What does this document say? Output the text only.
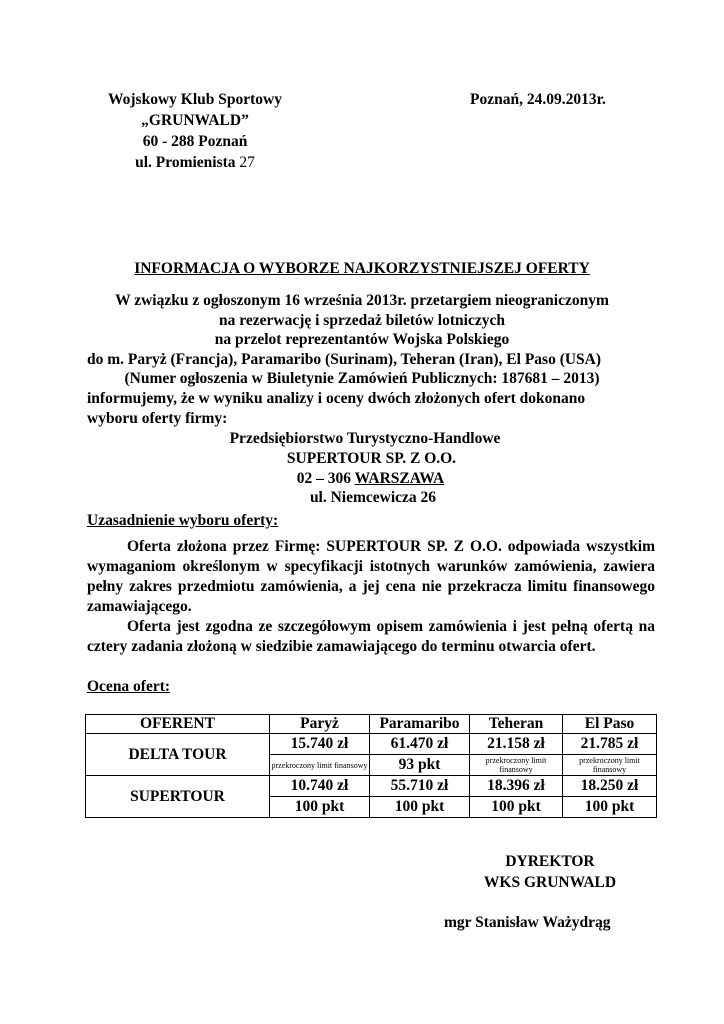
Wojskowy Klub Sportowy
„GRUNWALD”
60 - 288 Poznań
ul. Promienista 27
Poznań, 24.09.2013r.
INFORMACJA O WYBORZE NAJKORZYSTNIEJSZEJ OFERTY
W związku z ogłoszonym 16 września 2013r. przetargiem nieograniczonym
na rezerwację i sprzedaż biletów lotniczych
na przelot reprezentantów Wojska Polskiego
do m. Paryż (Francja), Paramaribo (Surinam), Teheran (Iran), El Paso (USA)
(Numer ogłoszenia w Biuletynie Zamówień Publicznych: 187681 – 2013)
informujemy, że w wyniku analizy i oceny dwóch złożonych ofert dokonano
wyboru oferty firmy:
Przedsiębiorstwo Turystyczno-Handlowe
SUPERTOUR SP. Z O.O.
02 – 306 WARSZAWA
ul. Niemcewicza 26
Uzasadnienie wyboru oferty:
Oferta złożona przez Firmę: SUPERTOUR SP. Z O.O. odpowiada wszystkim wymaganiom określonym w specyfikacji istotnych warunków zamówienia, zawiera pełny zakres przedmiotu zamówienia, a jej cena nie przekracza limitu finansowego zamawiającego.
Oferta jest zgodna ze szczegółowym opisem zamówienia i jest pełną ofertą na cztery zadania złożoną w siedzibie zamawiającego do terminu otwarcia ofert.
Ocena ofert:
OFERENT	Paryż	Paramaribo	Teheran	El Paso
DELTA TOUR	15.740 zł	61.470 zł	21.158 zł	21.785 zł
	przekroczony limit finansowy	93 pkt	przekroczony limit finansowy	przekroczony limit finansowy
SUPERTOUR	10.740 zł	55.710 zł	18.396 zł	18.250 zł
	100 pkt	100 pkt	100 pkt	100 pkt
DYREKTOR
WKS GRUNWALD
mgr Stanisław Ważydrąg
